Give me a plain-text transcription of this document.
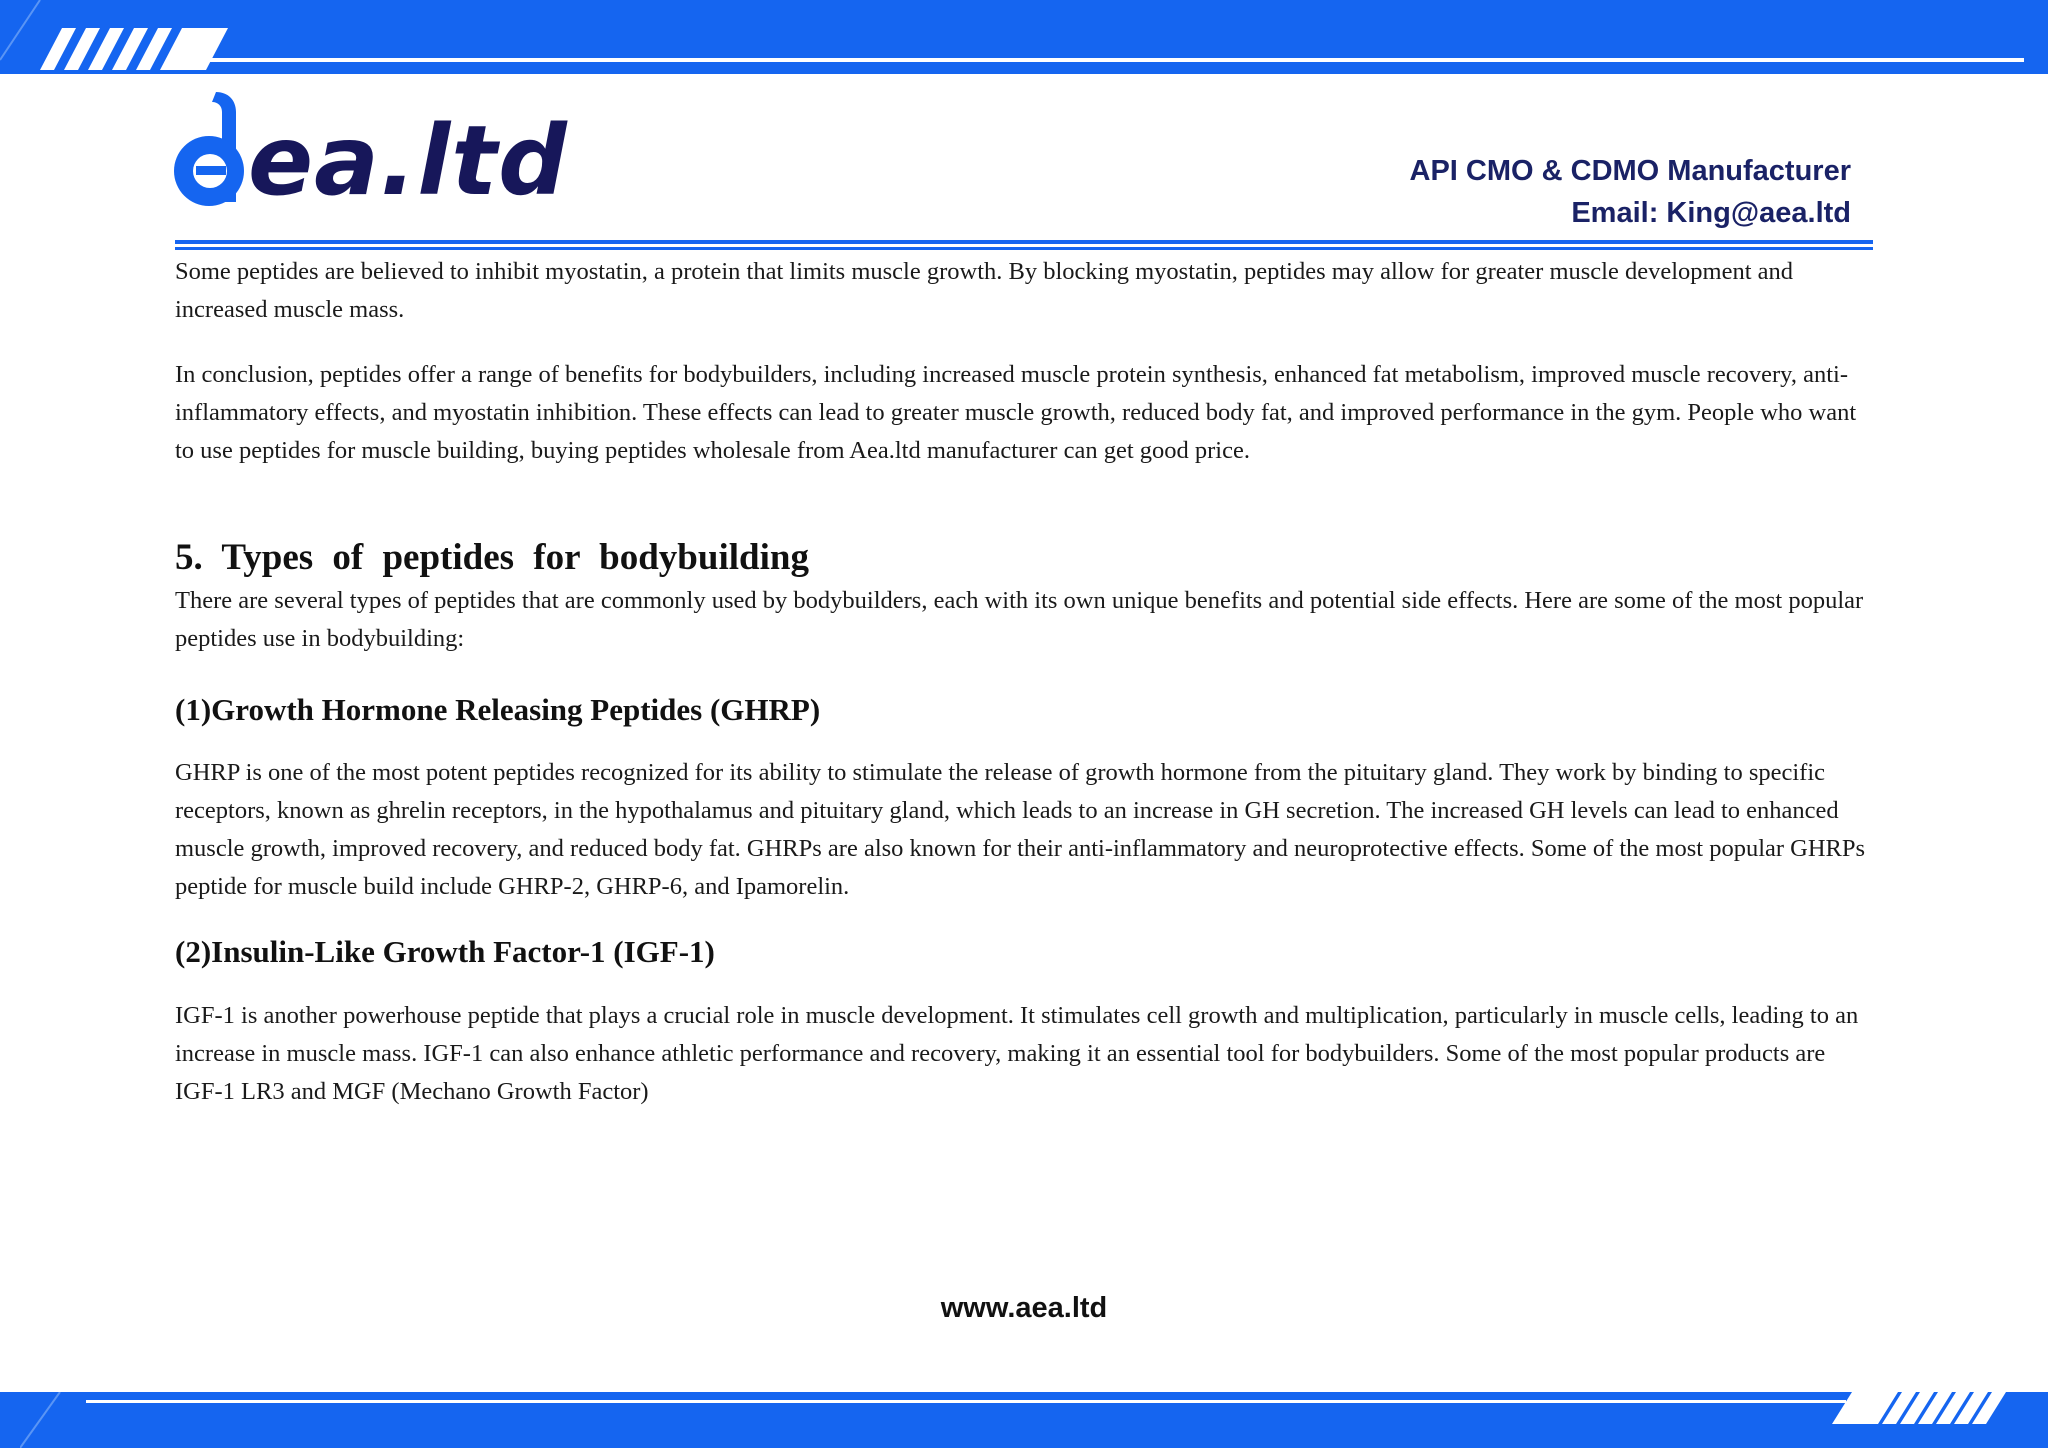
ea.ltd	API CMO & CDMO Manufacturer
Email: King@aea.ltd

Some peptides are believed to inhibit myostatin, a protein that limits muscle growth. By blocking myostatin, peptides may allow for greater muscle development and increased muscle mass.

In conclusion, peptides offer a range of benefits for bodybuilders, including increased muscle protein synthesis, enhanced fat metabolism, improved muscle recovery, anti-inflammatory effects, and myostatin inhibition. These effects can lead to greater muscle growth, reduced body fat, and improved performance in the gym. People who want to use peptides for muscle building, buying peptides wholesale from Aea.ltd manufacturer can get good price.

5. Types of peptides for bodybuilding

There are several types of peptides that are commonly used by bodybuilders, each with its own unique benefits and potential side effects. Here are some of the most popular peptides use in bodybuilding:

(1)Growth Hormone Releasing Peptides (GHRP)

GHRP is one of the most potent peptides recognized for its ability to stimulate the release of growth hormone from the pituitary gland. They work by binding to specific receptors, known as ghrelin receptors, in the hypothalamus and pituitary gland, which leads to an increase in GH secretion. The increased GH levels can lead to enhanced muscle growth, improved recovery, and reduced body fat. GHRPs are also known for their anti-inflammatory and neuroprotective effects. Some of the most popular GHRPs peptide for muscle build include GHRP-2, GHRP-6, and Ipamorelin.

(2)Insulin-Like Growth Factor-1 (IGF-1)

IGF-1 is another powerhouse peptide that plays a crucial role in muscle development. It stimulates cell growth and multiplication, particularly in muscle cells, leading to an increase in muscle mass. IGF-1 can also enhance athletic performance and recovery, making it an essential tool for bodybuilders. Some of the most popular products are IGF-1 LR3 and MGF (Mechano Growth Factor)

www.aea.ltd
